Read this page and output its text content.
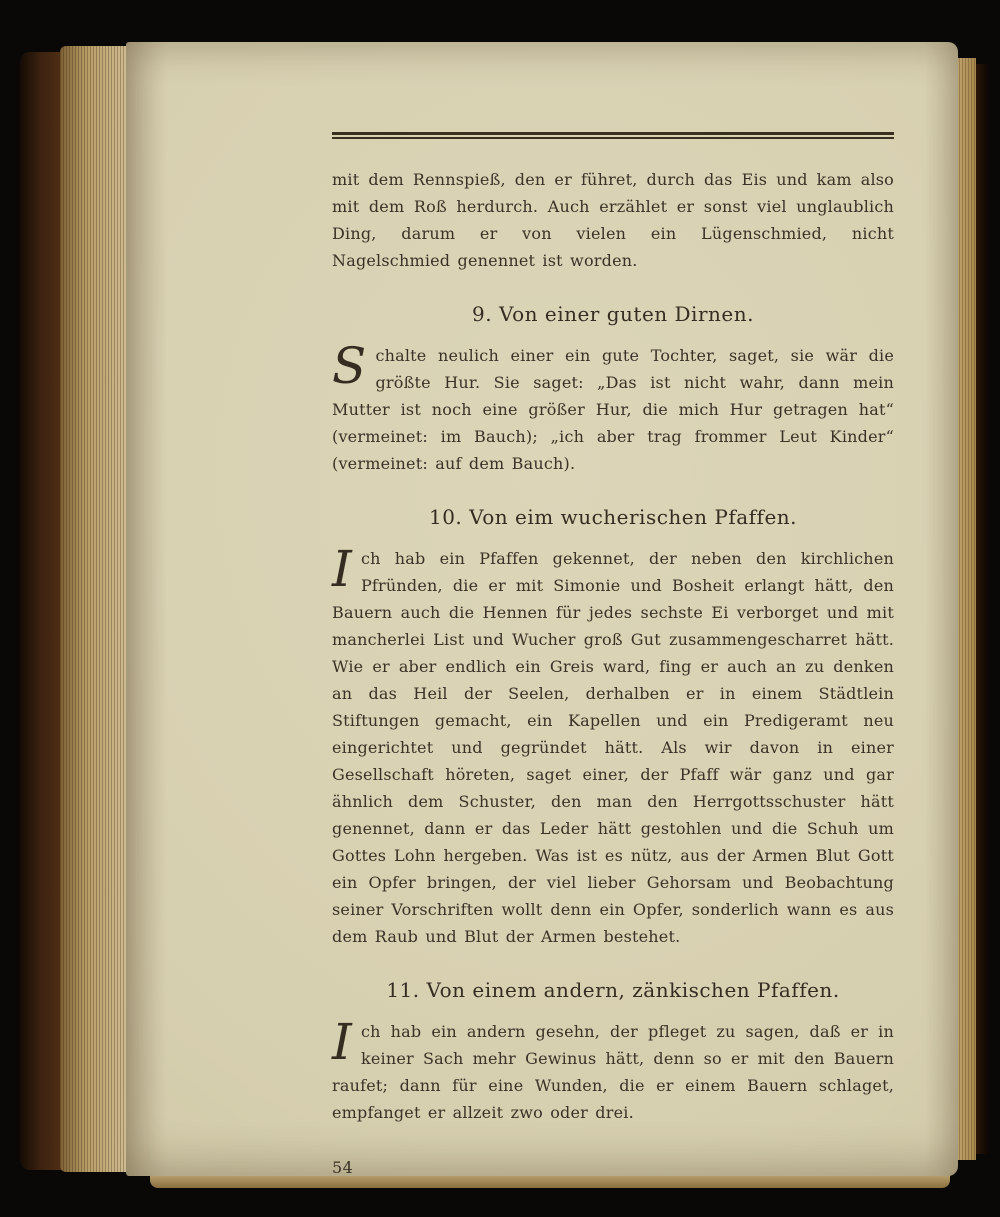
mit dem Rennspieß, den er führet, durch das Eis und kam also mit dem Roß herdurch. Auch erzählet er sonst viel unglaublich Ding, darum er von vielen ein Lügenschmied, nicht Nagelschmied genennet ist worden.

9. Von einer guten Dirnen.

Schalte neulich einer ein gute Tochter, saget, sie wär die größte Hur. Sie saget: „Das ist nicht wahr, dann mein Mutter ist noch eine größer Hur, die mich Hur getragen hat“ (vermeinet: im Bauch); „ich aber trag frommer Leut Kinder“ (vermeinet: auf dem Bauch).

10. Von eim wucherischen Pfaffen.

Ich hab ein Pfaffen gekennet, der neben den kirchlichen Pfründen, die er mit Simonie und Bosheit erlangt hätt, den Bauern auch die Hennen für jedes sechste Ei verborget und mit mancherlei List und Wucher groß Gut zusammengescharret hätt. Wie er aber endlich ein Greis ward, fing er auch an zu denken an das Heil der Seelen, derhalben er in einem Städtlein Stiftungen gemacht, ein Kapellen und ein Predigeramt neu eingerichtet und gegründet hätt. Als wir davon in einer Gesellschaft höreten, saget einer, der Pfaff wär ganz und gar ähnlich dem Schuster, den man den Herrgottsschuster hätt genennet, dann er das Leder hätt gestohlen und die Schuh um Gottes Lohn hergeben. Was ist es nütz, aus der Armen Blut Gott ein Opfer bringen, der viel lieber Gehorsam und Beobachtung seiner Vorschriften wollt denn ein Opfer, sonderlich wann es aus dem Raub und Blut der Armen bestehet.

11. Von einem andern, zänkischen Pfaffen.

Ich hab ein andern gesehn, der pfleget zu sagen, daß er in keiner Sach mehr Gewinus hätt, denn so er mit den Bauern raufet; dann für eine Wunden, die er einem Bauern schlaget, empfanget er allzeit zwo oder drei.

54
